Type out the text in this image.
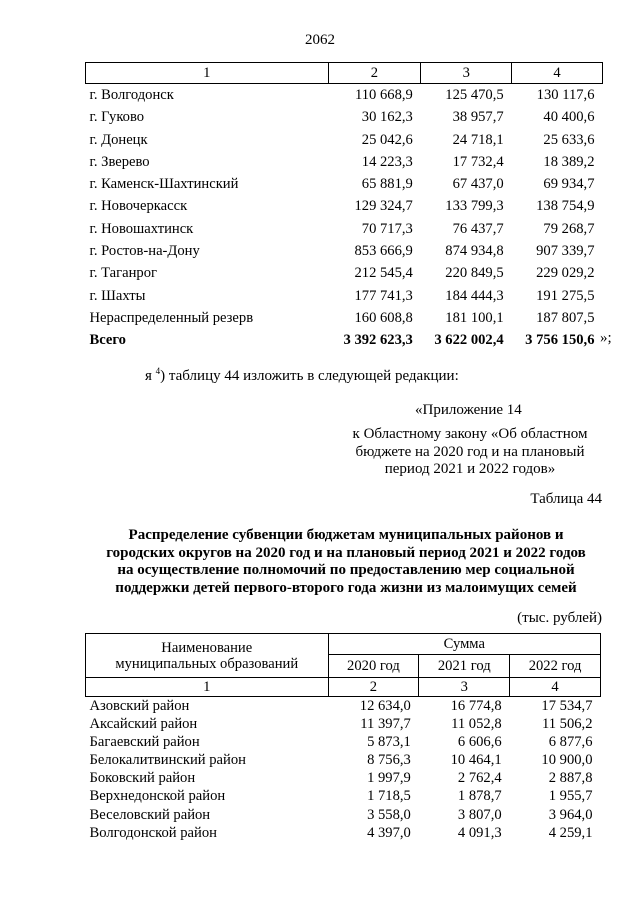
2062
1	2	3	4
г. Волгодонск	110 668,9	125 470,5	130 117,6
г. Гуково	30 162,3	38 957,7	40 400,6
г. Донецк	25 042,6	24 718,1	25 633,6
г. Зверево	14 223,3	17 732,4	18 389,2
г. Каменск-Шахтинский	65 881,9	67 437,0	69 934,7
г. Новочеркасск	129 324,7	133 799,3	138 754,9
г. Новошахтинск	70 717,3	76 437,7	79 268,7
г. Ростов-на-Дону	853 666,9	874 934,8	907 339,7
г. Таганрог	212 545,4	220 849,5	229 029,2
г. Шахты	177 741,3	184 444,3	191 275,5
Нераспределенный резерв	160 608,8	181 100,1	187 807,5
Всего	3 392 623,3	3 622 002,4	3 756 150,6 »;
я $^4$) таблицу 44 изложить в следующей редакции:
«Приложение 14
к Областному закону «Об областном
бюджете на 2020 год и на плановый
период 2021 и 2022 годов»
Таблица 44
Распределение субвенции бюджетам муниципальных районов и
городских округов на 2020 год и на плановый период 2021 и 2022 годов
на осуществление полномочий по предоставлению мер социальной
поддержки детей первого-второго года жизни из малоимущих семей
(тыс. рублей)
Наименование
муниципальных образований	Сумма		
	2020 год	2021 год	2022 год
1	2	3	4
Азовский район	12 634,0	16 774,8	17 534,7
Аксайский район	11 397,7	11 052,8	11 506,2
Багаевский район	5 873,1	6 606,6	6 877,6
Белокалитвинский район	8 756,3	10 464,1	10 900,0
Боковский район	1 997,9	2 762,4	2 887,8
Верхнедонской район	1 718,5	1 878,7	1 955,7
Веселовский район	3 558,0	3 807,0	3 964,0
Волгодонской район	4 397,0	4 091,3	4 259,1
